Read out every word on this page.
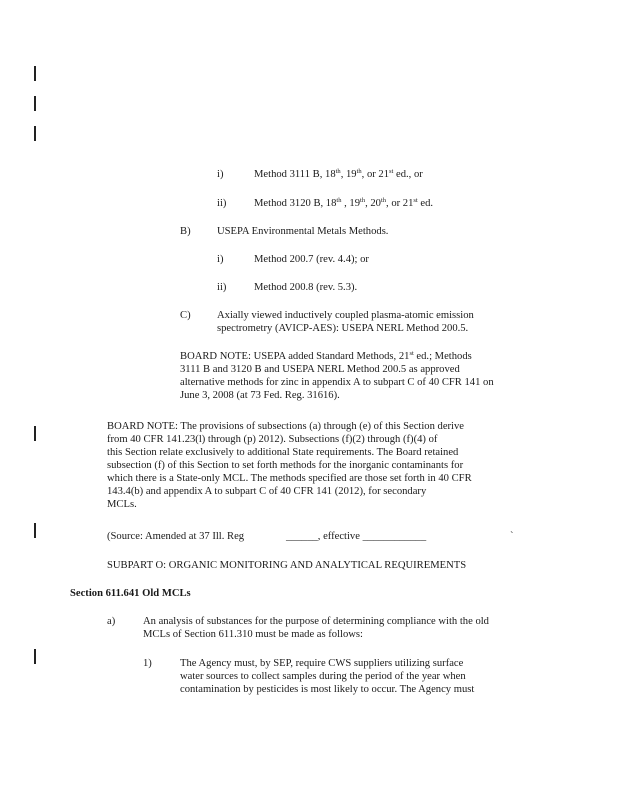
i)	Method 3111 B, 18th, 19th, or 21st ed., or
ii)	Method 3120 B, 18th , 19th, 20th, or 21st ed.
B) USEPA Environmental Metals Methods.
i)	Method 200.7 (rev. 4.4); or
ii)	Method 200.8 (rev. 5.3).
C) Axially viewed inductively coupled plasma-atomic emission
spectrometry (AVICP-AES): USEPA NERL Method 200.5.
BOARD NOTE: USEPA added Standard Methods, 21st ed.; Methods
3111 B and 3120 B and USEPA NERL Method 200.5 as approved
alternative methods for zinc in appendix A to subpart C of 40 CFR 141 on
June 3, 2008 (at 73 Fed. Reg. 31616).
BOARD NOTE: The provisions of subsections (a) through (e) of this Section derive
from 40 CFR 141.23(l) through (p) 2012). Subsections (f)(2) through (f)(4) of
this Section relate exclusively to additional State requirements. The Board retained
subsection (f) of this Section to set forth methods for the inorganic contaminants for
which there is a State-only MCL. The methods specified are those set forth in 40 CFR
143.4(b) and appendix A to subpart C of 40 CFR 141 (2012), for secondary
MCLs.
(Source: Amended at 37 Ill. Reg	______, effective ____________	`
SUBPART O: ORGANIC MONITORING AND ANALYTICAL REQUIREMENTS
Section 611.641 Old MCLs
a)	An analysis of substances for the purpose of determining compliance with the old
MCLs of Section 611.310 must be made as follows:
1)	The Agency must, by SEP, require CWS suppliers utilizing surface
water sources to collect samples during the period of the year when
contamination by pesticides is most likely to occur. The Agency must
